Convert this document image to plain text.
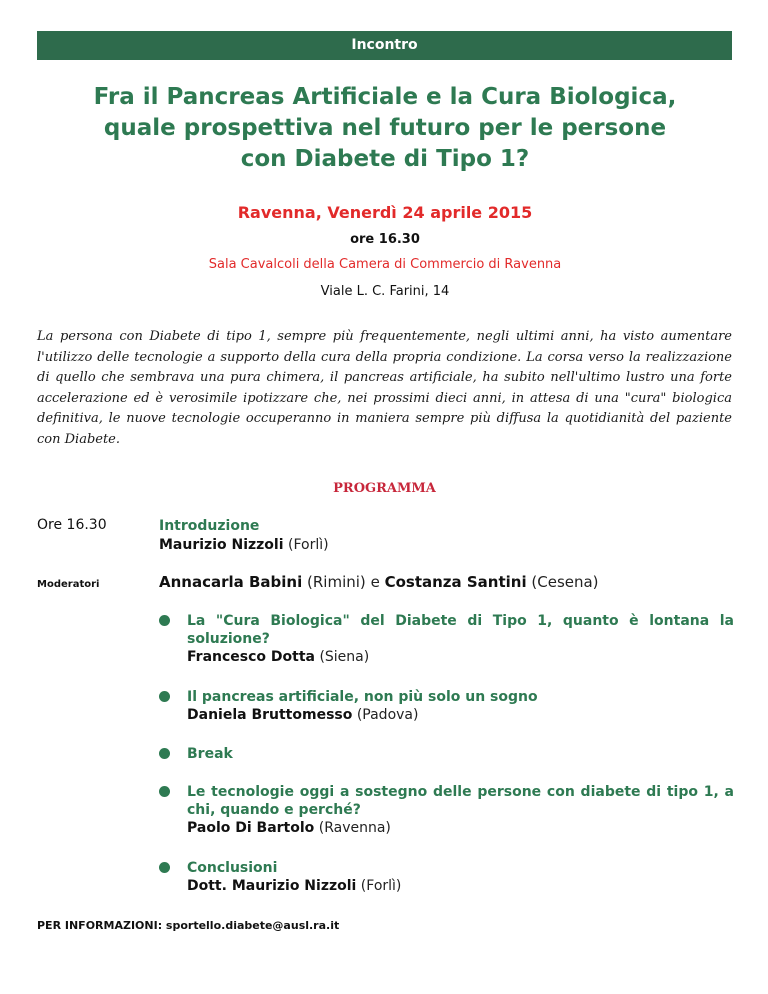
Incontro
Fra il Pancreas Artificiale e la Cura Biologica,
quale prospettiva nel futuro per le persone
con Diabete di Tipo 1?
Ravenna, Venerdì 24 aprile 2015
ore 16.30
Sala Cavalcoli della Camera di Commercio di Ravenna
Viale L. C. Farini, 14

La persona con Diabete di tipo 1, sempre più frequentemente, negli ultimi anni, ha visto aumentare l'utilizzo delle tecnologie a supporto della cura della propria condizione. La corsa verso la realizzazione di quello che sembrava una pura chimera, il pancreas artificiale, ha subito nell'ultimo lustro una forte accelerazione ed è verosimile ipotizzare che, nei prossimi dieci anni, in attesa di una "cura" biologica definitiva, le nuove tecnologie occuperanno in maniera sempre più diffusa la quotidianità del paziente con Diabete.

PROGRAMMA
Ore 16.30	Introduzione
Maurizio Nizzoli (Forlì)
Moderatori	Annacarla Babini (Rimini) e Costanza Santini (Cesena)
La "Cura Biologica" del Diabete di Tipo 1, quanto è lontana la soluzione?
Francesco Dotta (Siena)
Il pancreas artificiale, non più solo un sogno
Daniela Bruttomesso (Padova)
Break
Le tecnologie oggi a sostegno delle persone con diabete di tipo 1, a chi, quando e perché?
Paolo Di Bartolo (Ravenna)
Conclusioni
Dott. Maurizio Nizzoli (Forlì)
PER INFORMAZIONI: sportello.diabete@ausl.ra.it
